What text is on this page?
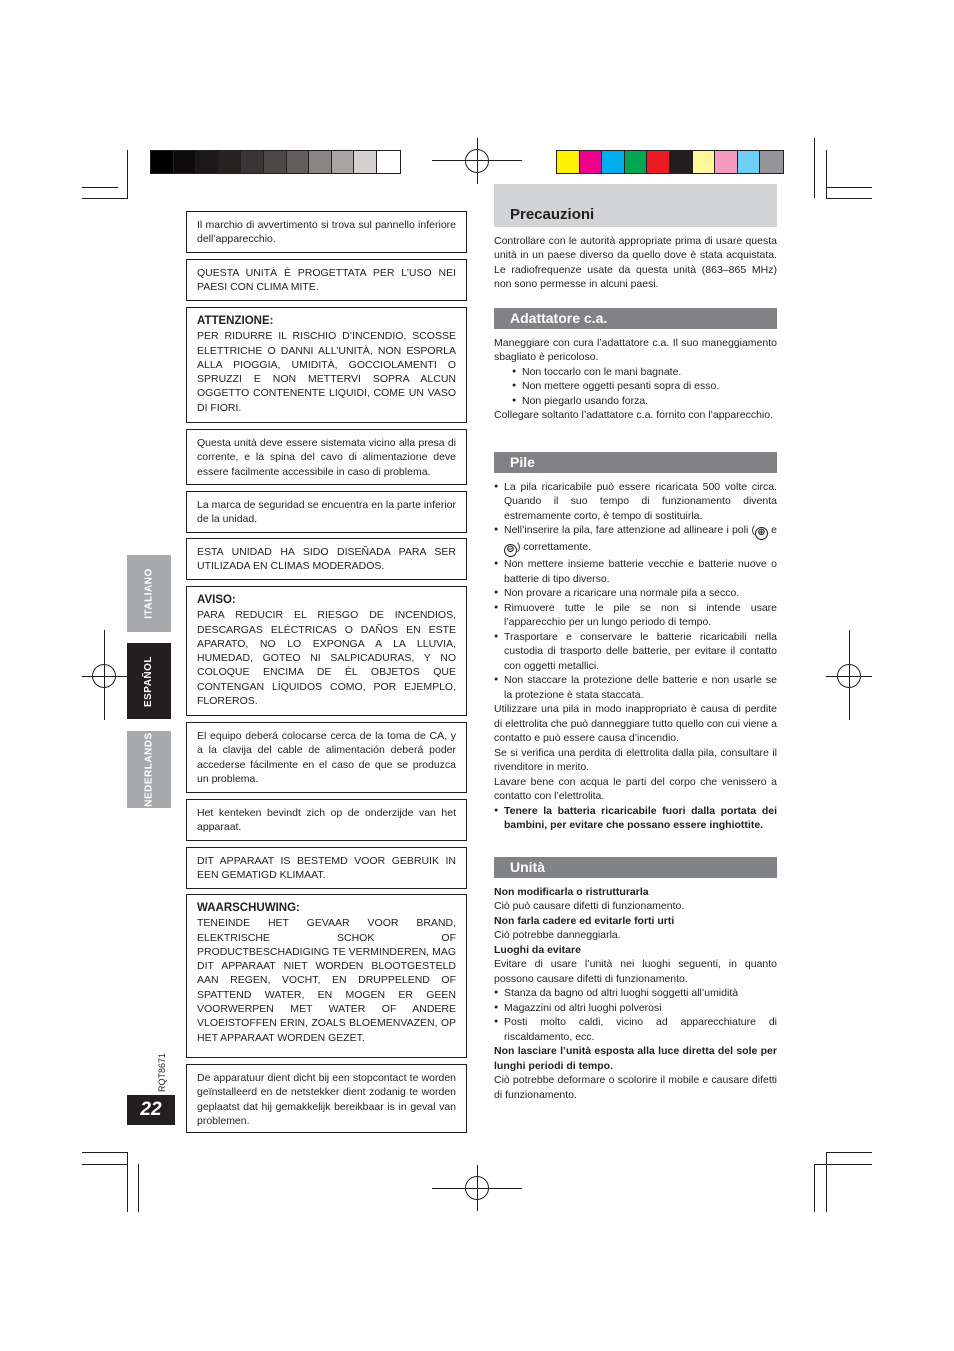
ITALIANO
ESPAÑOL
NEDERLANDS
RQT8671
22
Il marchio di avvertimento si trova sul pannello inferiore dell’apparecchio.
QUESTA UNITÀ È PROGETTATA PER L’USO NEI PAESI CON CLIMA MITE.
ATTENZIONE:
PER RIDURRE IL RISCHIO D’INCENDIO, SCOSSE ELETTRICHE O DANNI ALL’UNITÀ, NON ESPORLA ALLA PIOGGIA, UMIDITÀ, GOCCIOLAMENTI O SPRUZZI E NON METTERVI SOPRA ALCUN OGGETTO CONTENENTE LIQUIDI, COME UN VASO DI FIORI.
Questa unità deve essere sistemata vicino alla presa di corrente, e la spina del cavo di alimentazione deve essere facilmente accessibile in caso di problema.
La marca de seguridad se encuentra en la parte inferior de la unidad.
ESTA UNIDAD HA SIDO DISEÑADA PARA SER UTILIZADA EN CLIMAS MODERADOS.
AVISO:
PARA REDUCIR EL RIESGO DE INCENDIOS, DESCARGAS ELÉCTRICAS O DAÑOS EN ESTE APARATO, NO LO EXPONGA A LA LLUVIA, HUMEDAD, GOTEO NI SALPICADURAS, Y NO COLOQUE ENCIMA DE ÉL OBJETOS QUE CONTENGAN LÍQUIDOS COMO, POR EJEMPLO, FLOREROS.
El equipo deberá colocarse cerca de la toma de CA, y a la clavija del cable de alimentación deberá poder accederse fácilmente en el caso de que se produzca un problema.
Het kenteken bevindt zich op de onderzijde van het apparaat.
DIT APPARAAT IS BESTEMD VOOR GEBRUIK IN EEN GEMATIGD KLIMAAT.
WAARSCHUWING:
TENEINDE HET GEVAAR VOOR BRAND, ELEKTRISCHE SCHOK OF PRODUCTBESCHADIGING TE VERMINDEREN, MAG DIT APPARAAT NIET WORDEN BLOOTGESTELD AAN REGEN, VOCHT, EN DRUPPELEND OF SPATTEND WATER, EN MOGEN ER GEEN VOORWERPEN MET WATER OF ANDERE VLOEISTOFFEN ERIN, ZOALS BLOEMENVAZEN, OP HET APPARAAT WORDEN GEZET.
De apparatuur dient dicht bij een stopcontact te worden geïnstalleerd en de netstekker dient zodanig te worden geplaatst dat hij gemakkelijk bereikbaar is in geval van problemen.
Precauzioni

Controllare con le autorità appropriate prima di usare questa unità in un paese diverso da quello dove è stata acquistata. Le radiofrequenze usate da questa unità (863–865 MHz) non sono permesse in alcuni paesi.

Adattatore c.a.

Maneggiare con cura l’adattatore c.a. Il suo maneggiamento sbagliato è pericoloso.

● Non toccarlo con le mani bagnate.
● Non mettere oggetti pesanti sopra di esso.
● Non piegarlo usando forza.

Collegare soltanto l’adattatore c.a. fornito con l’apparecchio.

Pile
● La pila ricaricabile può essere ricaricata 500 volte circa. Quando il suo tempo di funzionamento diventa estremamente corto, è tempo di sostituirla.
● Nell’inserire la pila, fare attenzione ad allineare i poli ( ⊕ e ⊖ ) correttamente.
● Non mettere insieme batterie vecchie e batterie nuove o batterie di tipo diverso.
● Non provare a ricaricare una normale pila a secco.
● Rimuovere tutte le pile se non si intende usare l’apparecchio per un lungo periodo di tempo.
● Trasportare e conservare le batterie ricaricabili nella custodia di trasporto delle batterie, per evitare il contatto con oggetti metallici.
● Non staccare la protezione delle batterie e non usarle se la protezione è stata staccata.

Utilizzare una pila in modo inappropriato è causa di perdite di elettrolita che può danneggiare tutto quello con cui viene a contatto e può essere causa d’incendio.

Se si verifica una perdita di elettrolita dalla pila, consultare il rivenditore in merito.

Lavare bene con acqua le parti del corpo che venissero a contatto con l’elettrolita.

● Tenere la batteria ricaricabile fuori dalla portata dei bambini, per evitare che possano essere inghiottite.
Unità

Non modificarla o ristrutturarla

Ciò può causare difetti di funzionamento.

Non farla cadere ed evitarle forti urti

Ciò potrebbe danneggiarla.

Luoghi da evitare

Evitare di usare l’unità nei luoghi seguenti, in quanto possono causare difetti di funzionamento.

● Stanza da bagno od altri luoghi soggetti all’umidità
● Magazzini od altri luoghi polverosi
● Posti molto caldi, vicino ad apparecchiature di riscaldamento, ecc.

Non lasciare l’unità esposta alla luce diretta del sole per lunghi periodi di tempo.

Ciò potrebbe deformare o scolorire il mobile e causare difetti di funzionamento.
